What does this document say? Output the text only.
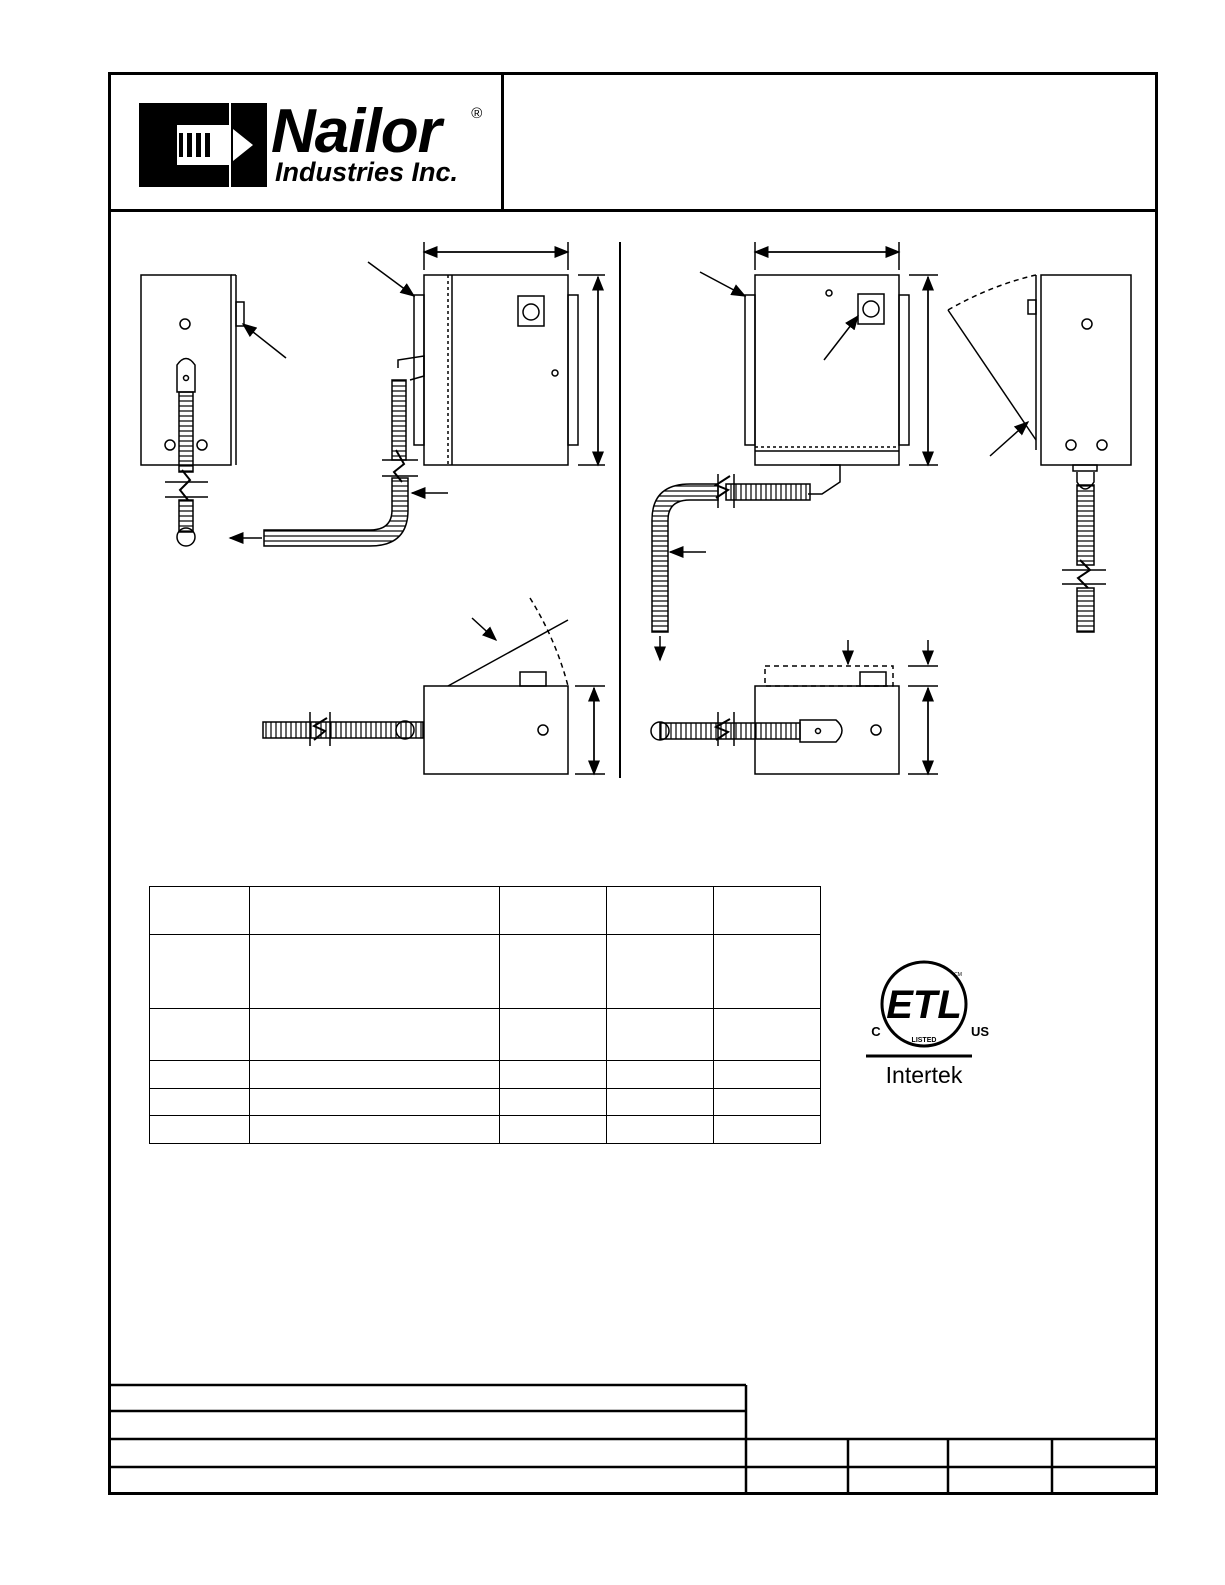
Nailor ®
Industries Inc.

ETL
C	US
LISTED
CM
Intertek
